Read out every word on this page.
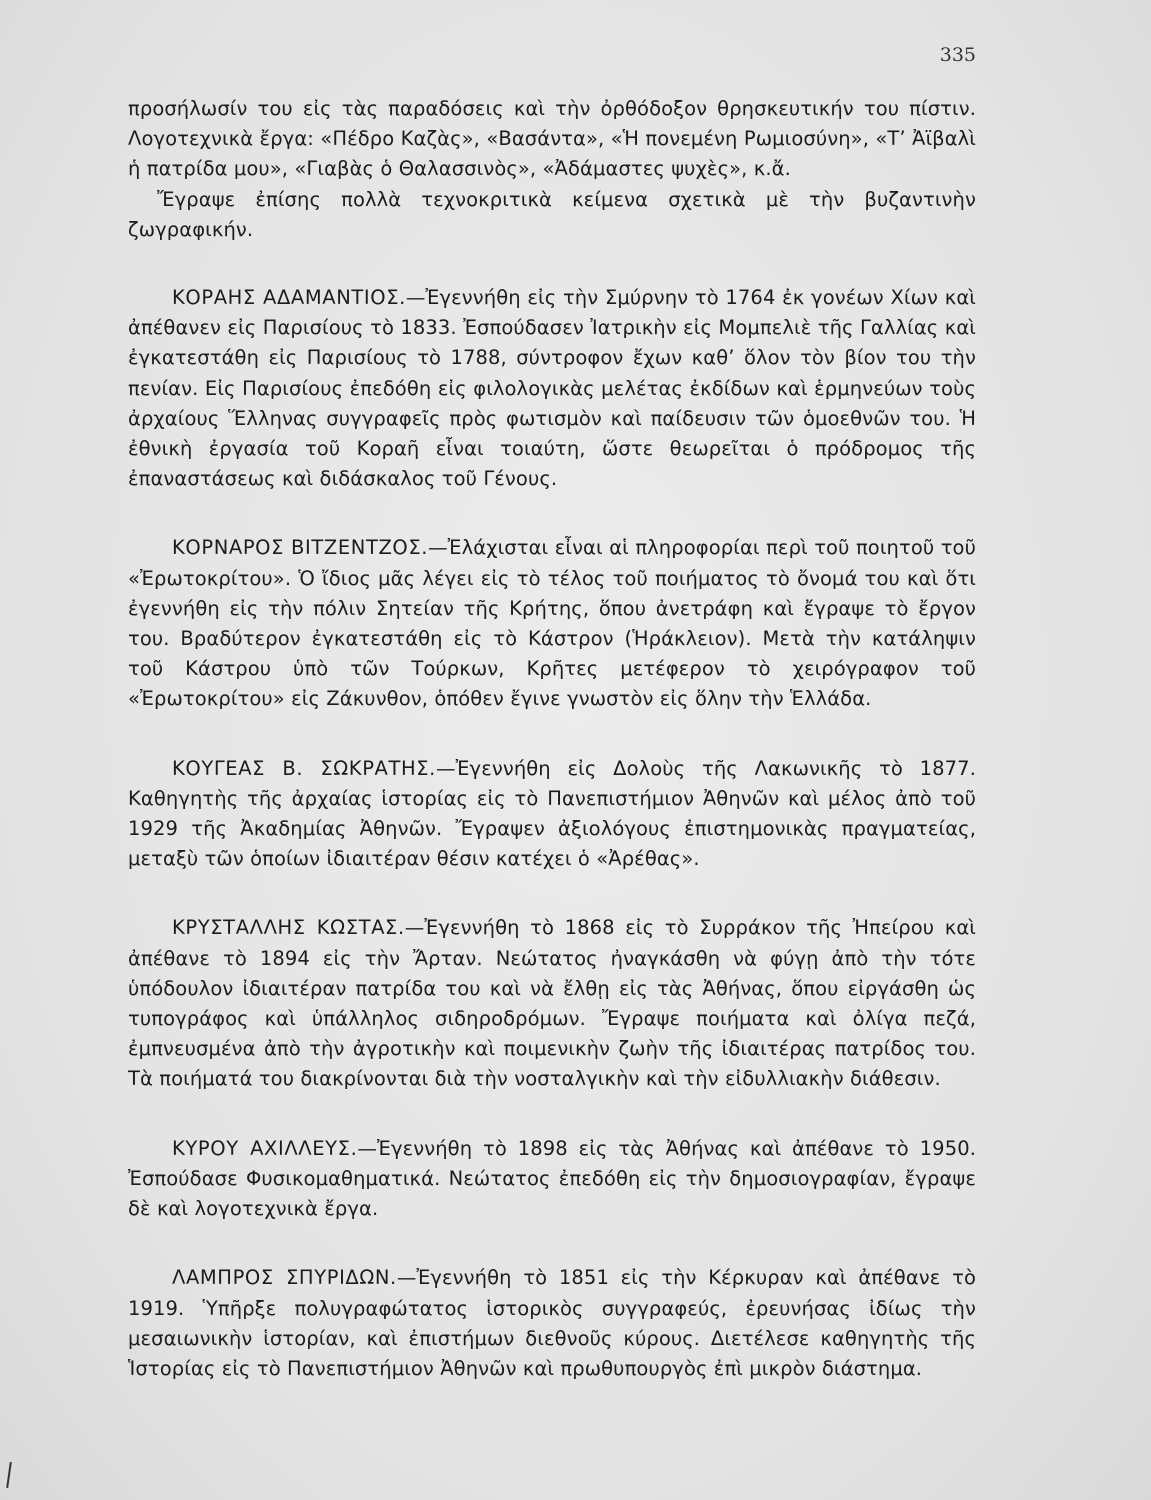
335

προσήλωσίν του εἰς τὰς παραδόσεις καὶ τὴν ὀρθόδοξον θρησκευτικήν του πίστιν. Λογοτεχνικὰ ἔργα: «Πέδρο Καζὰς», «Βασάντα», «Ἡ πονεμένη Ρωμιοσύνη», «Τ’ Ἀϊβαλὶ ἡ πατρίδα μου», «Γιαβὰς ὁ Θαλασσινὸς», «Ἀδάμαστες ψυχὲς», κ.ἄ.

Ἔγραψε ἐπίσης πολλὰ τεχνοκριτικὰ κείμενα σχετικὰ μὲ τὴν βυζαντινὴν ζωγραφικήν.

ΚΟΡΑΗΣ ΑΔΑΜΑΝΤΙΟΣ.—Ἐγεννήθη εἰς τὴν Σμύρνην τὸ 1764 ἐκ γονέων Χίων καὶ ἀπέθανεν εἰς Παρισίους τὸ 1833. Ἐσπούδασεν Ἰατρικὴν εἰς Μομπελιὲ τῆς Γαλλίας καὶ ἐγκατεστάθη εἰς Παρισίους τὸ 1788, σύντροφον ἔχων καθ’ ὅλον τὸν βίον του τὴν πενίαν. Εἰς Παρισίους ἐπεδόθη εἰς φιλολογικὰς μελέτας ἐκδίδων καὶ ἑρμηνεύων τοὺς ἀρχαίους Ἕλληνας συγγραφεῖς πρὸς φωτισμὸν καὶ παίδευσιν τῶν ὁμοεθνῶν του. Ἡ ἐθνικὴ ἐργασία τοῦ Κοραῆ εἶναι τοιαύτη, ὥστε θεωρεῖται ὁ πρόδρομος τῆς ἐπαναστάσεως καὶ διδάσκαλος τοῦ Γένους.

ΚΟΡΝΑΡΟΣ ΒΙΤΖΕΝΤΖΟΣ.—Ἐλάχισται εἶναι αἱ πληροφορίαι περὶ τοῦ ποιητοῦ τοῦ «Ἐρωτοκρίτου». Ὁ ἴδιος μᾶς λέγει εἰς τὸ τέλος τοῦ ποιήματος τὸ ὄνομά του καὶ ὅτι ἐγεννήθη εἰς τὴν πόλιν Σητείαν τῆς Κρήτης, ὅπου ἀνετράφη καὶ ἔγραψε τὸ ἔργον του. Βραδύτερον ἐγκατεστάθη εἰς τὸ Κάστρον (Ἡράκλειον). Μετὰ τὴν κατάληψιν τοῦ Κάστρου ὑπὸ τῶν Τούρκων, Κρῆτες μετέφερον τὸ χειρόγραφον τοῦ «Ἐρωτοκρίτου» εἰς Ζάκυνθον, ὁπόθεν ἔγινε γνωστὸν εἰς ὅλην τὴν Ἑλλάδα.

ΚΟΥΓΕΑΣ Β. ΣΩΚΡΑΤΗΣ.—Ἐγεννήθη εἰς Δολοὺς τῆς Λακωνικῆς τὸ 1877. Καθηγητὴς τῆς ἀρχαίας ἱστορίας εἰς τὸ Πανεπιστήμιον Ἀθηνῶν καὶ μέλος ἀπὸ τοῦ 1929 τῆς Ἀκαδημίας Ἀθηνῶν. Ἔγραψεν ἀξιολόγους ἐπιστημονικὰς πραγματείας, μεταξὺ τῶν ὁποίων ἰδιαιτέραν θέσιν κατέχει ὁ «Ἀρέθας».

ΚΡΥΣΤΑΛΛΗΣ ΚΩΣΤΑΣ.—Ἐγεννήθη τὸ 1868 εἰς τὸ Συρράκον τῆς Ἠπείρου καὶ ἀπέθανε τὸ 1894 εἰς τὴν Ἄρταν. Νεώτατος ἠναγκάσθη νὰ φύγῃ ἀπὸ τὴν τότε ὑπόδουλον ἰδιαιτέραν πατρίδα του καὶ νὰ ἔλθῃ εἰς τὰς Ἀθήνας, ὅπου εἰργάσθη ὡς τυπογράφος καὶ ὑπάλληλος σιδηροδρόμων. Ἔγραψε ποιήματα καὶ ὀλίγα πεζά, ἐμπνευσμένα ἀπὸ τὴν ἀγροτικὴν καὶ ποιμενικὴν ζωὴν τῆς ἰδιαιτέρας πατρίδος του. Τὰ ποιήματά του διακρίνονται διὰ τὴν νοσταλγικὴν καὶ τὴν εἰδυλλιακὴν διάθεσιν.

ΚΥΡΟΥ ΑΧΙΛΛΕΥΣ.—Ἐγεννήθη τὸ 1898 εἰς τὰς Ἀθήνας καὶ ἀπέθανε τὸ 1950. Ἐσπούδασε Φυσικομαθηματικά. Νεώτατος ἐπεδόθη εἰς τὴν δημοσιογραφίαν, ἔγραψε δὲ καὶ λογοτεχνικὰ ἔργα.

ΛΑΜΠΡΟΣ ΣΠΥΡΙΔΩΝ.—Ἐγεννήθη τὸ 1851 εἰς τὴν Κέρκυραν καὶ ἀπέθανε τὸ 1919. Ὑπῆρξε πολυγραφώτατος ἱστορικὸς συγγραφεύς, ἐρευνήσας ἰδίως τὴν μεσαιωνικὴν ἱστορίαν, καὶ ἐπιστήμων διεθνοῦς κύρους. Διετέλεσε καθηγητὴς τῆς Ἱστορίας εἰς τὸ Πανεπιστήμιον Ἀθηνῶν καὶ πρωθυπουργὸς ἐπὶ μικρὸν διάστημα.
